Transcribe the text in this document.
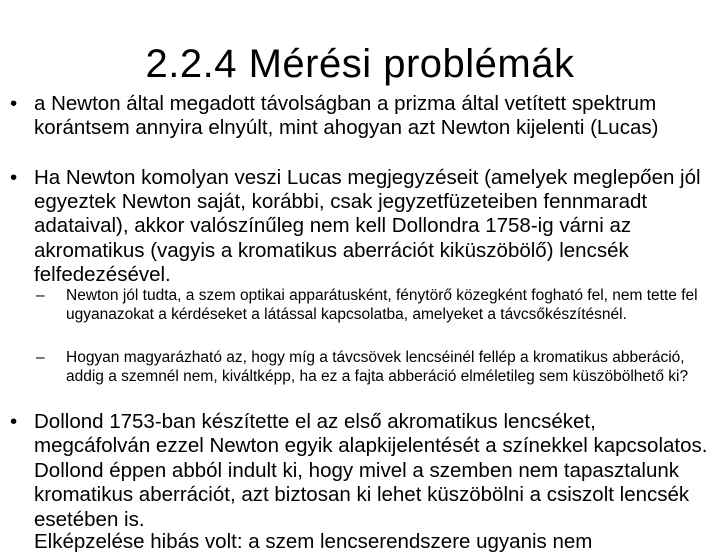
2.2.4 Mérési problémák
• a Newton által megadott távolságban a prizma által vetített spektrum korántsem annyira elnyúlt, mint ahogyan azt Newton kijelenti (Lucas)
• Ha Newton komolyan veszi Lucas megjegyzéseit (amelyek meglepően jól egyeztek Newton saját, korábbi, csak jegyzetfüzeteiben fennmaradt adataival), akkor valószínűleg nem kell Dollondra 1758-ig várni az akromatikus (vagyis a kromatikus aberrációt kiküszöbölő) lencsék felfedezésével.
– Newton jól tudta, a szem optikai apparátusként, fénytörő közegként fogható fel, nem tette fel ugyanazokat a kérdéseket a látással kapcsolatba, amelyeket a távcsőkészítésnél.
– Hogyan magyarázható az, hogy míg a távcsövek lencséinél fellép a kromatikus abberáció, addig a szemnél nem, kiváltképp, ha ez a fajta abberáció elméletileg sem küszöbölhető ki?
• Dollond 1753-ban készítette el az első akromatikus lencséket, megcáfolván ezzel Newton egyik alapkijelentését a színekkel kapcsolatos. Dollond éppen abból indult ki, hogy mivel a szemben nem tapasztalunk kromatikus aberrációt, azt biztosan ki lehet küszöbölni a csiszolt lencsék esetében is.
Elképzelése hibás volt: a szem lencserendszere ugyanis nem
